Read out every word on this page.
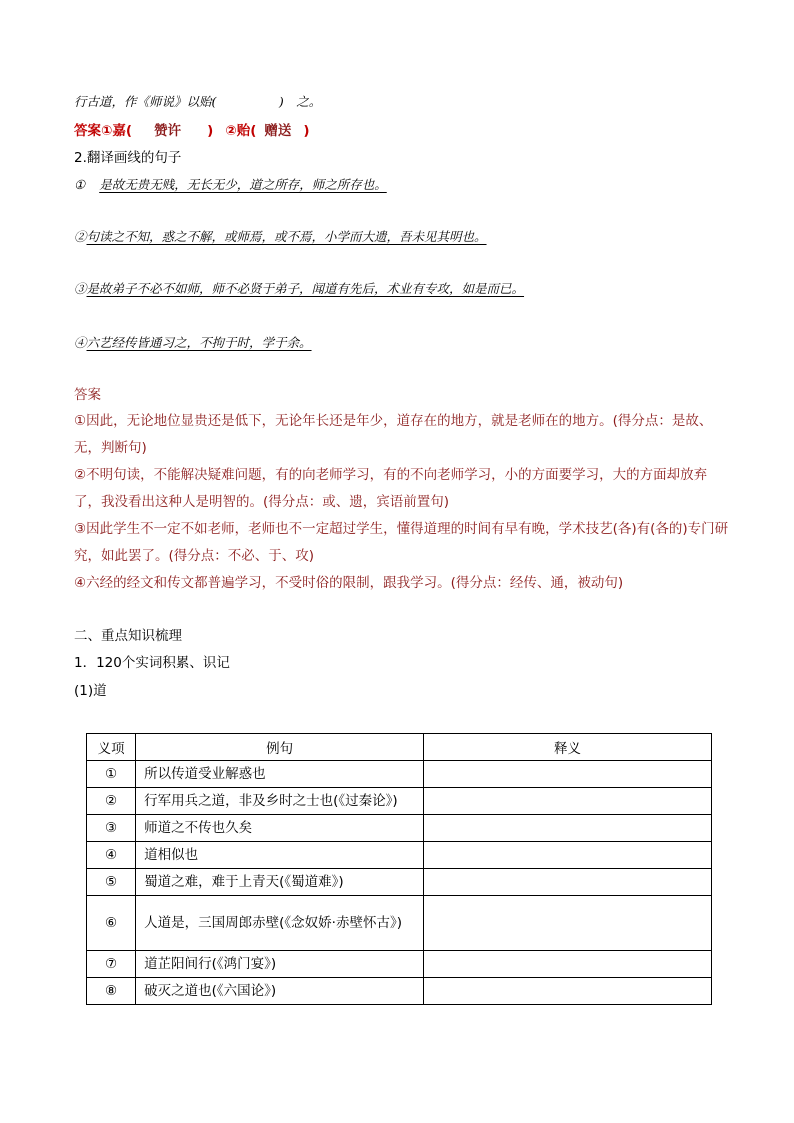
行古道，作《师说》以贻(　　　　　)　之。
答案①嘉( 赞许 ) ②贻( 赠送 )
2.翻译画线的句子
① 是故无贵无贱，无长无少，道之所存，师之所存也。
②句读之不知，惑之不解，或师焉，或不焉，小学而大遗，吾未见其明也。
③是故弟子不必不如师，师不必贤于弟子，闻道有先后，术业有专攻，如是而已。
④六艺经传皆通习之，不拘于时，学于余。
答案
①因此，无论地位显贵还是低下，无论年长还是年少，道存在的地方，就是老师在的地方。(得分点：是故、无，判断句)
②不明句读，不能解决疑难问题，有的向老师学习，有的不向老师学习，小的方面要学习，大的方面却放弃了，我没看出这种人是明智的。(得分点：或、遗，宾语前置句)
③因此学生不一定不如老师，老师也不一定超过学生，懂得道理的时间有早有晚，学术技艺(各)有(各的)专门研究，如此罢了。(得分点：不必、于、攻)
④六经的经文和传文都普遍学习，不受时俗的限制，跟我学习。(得分点：经传、通，被动句)
二、重点知识梳理
1．120个实词积累、识记
(1)道
义项	例句	释义
①	所以传道受业解惑也	
②	行军用兵之道，非及乡时之士也(《过秦论》)	
③	师道之不传也久矣	
④	道相似也	
⑤	蜀道之难，难于上青天(《蜀道难》)	
⑥	人道是，三国周郎赤壁(《念奴娇·赤壁怀古》)	
⑦	道芷阳间行(《鸿门宴》)	
⑧	破灭之道也(《六国论》)	
